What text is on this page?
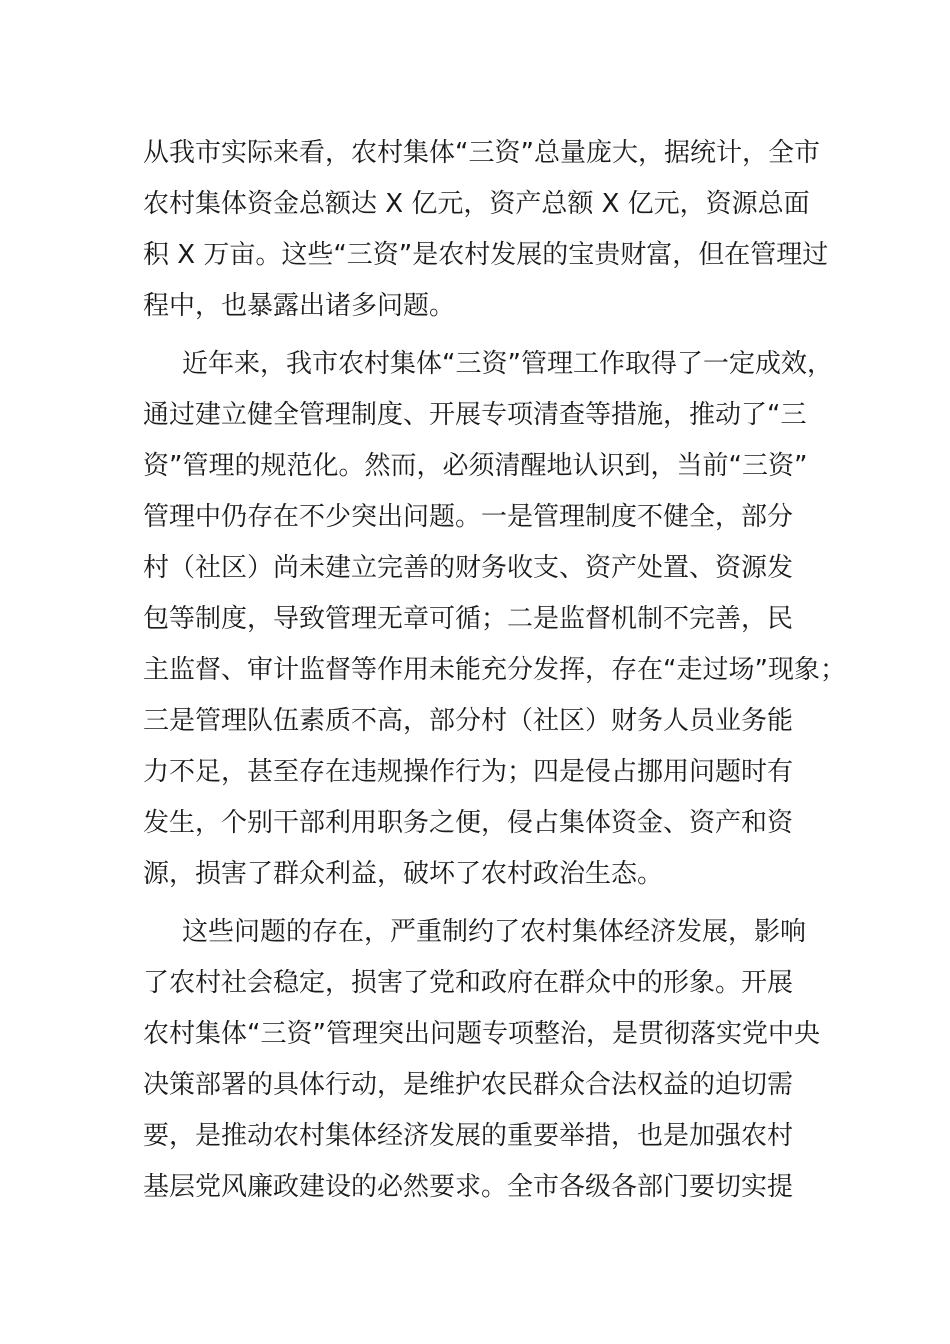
从我市实际来看，农村集体“三资”总量庞大，据统计，全市
农村集体资金总额达 X 亿元，资产总额 X 亿元，资源总面
积 X 万亩。这些“三资”是农村发展的宝贵财富，但在管理过
程中，也暴露出诸多问题。
近年来，我市农村集体“三资”管理工作取得了一定成效，
通过建立健全管理制度、开展专项清查等措施，推动了“三
资”管理的规范化。然而，必须清醒地认识到，当前“三资”
管理中仍存在不少突出问题。一是管理制度不健全，部分
村（社区）尚未建立完善的财务收支、资产处置、资源发
包等制度，导致管理无章可循；二是监督机制不完善，民
主监督、审计监督等作用未能充分发挥，存在“走过场”现象；
三是管理队伍素质不高，部分村（社区）财务人员业务能
力不足，甚至存在违规操作行为；四是侵占挪用问题时有
发生，个别干部利用职务之便，侵占集体资金、资产和资
源，损害了群众利益，破坏了农村政治生态。
这些问题的存在，严重制约了农村集体经济发展，影响
了农村社会稳定，损害了党和政府在群众中的形象。开展
农村集体“三资”管理突出问题专项整治，是贯彻落实党中央
决策部署的具体行动，是维护农民群众合法权益的迫切需
要，是推动农村集体经济发展的重要举措，也是加强农村
基层党风廉政建设的必然要求。全市各级各部门要切实提
